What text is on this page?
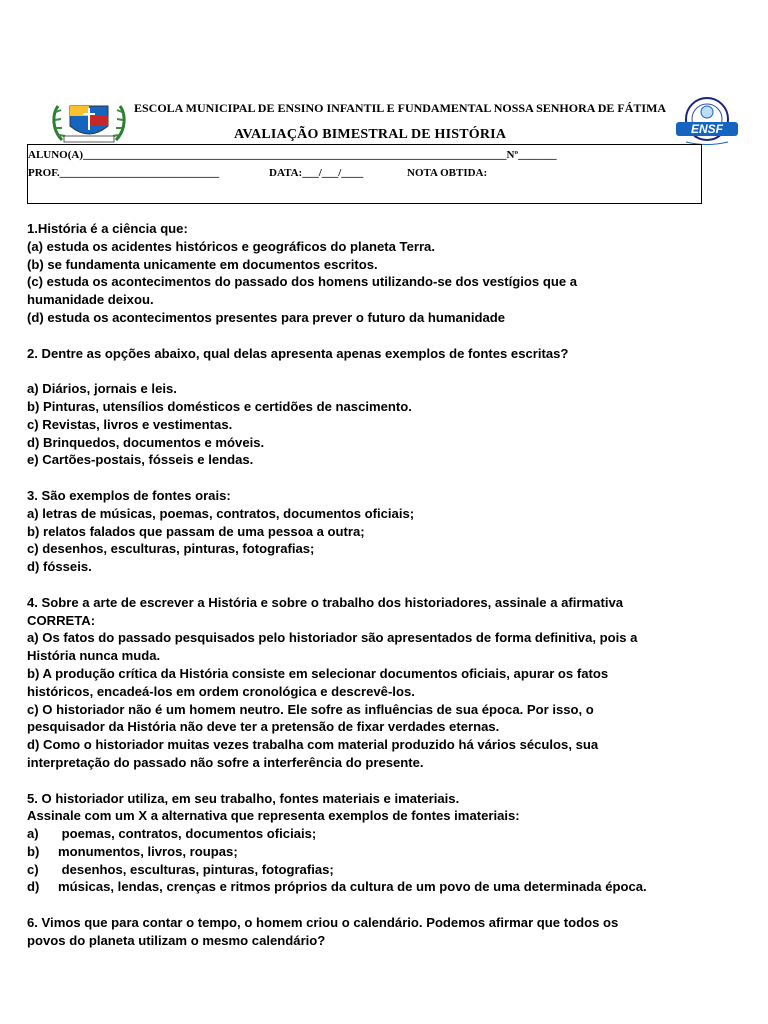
ENSF
ESCOLA MUNICIPAL DE ENSINO INFANTIL E FUNDAMENTAL NOSSA SENHORA DE FÁTIMA
AVALIAÇÃO BIMESTRAL DE HISTÓRIA
ALUNO(A)_____________________________________________________________________________Nº_______
PROF._____________________________	DATA:___/___/____	NOTA OBTIDA:

1.História é a ciência que:

(a) estuda os acidentes históricos e geográficos do planeta Terra.

(b) se fundamenta unicamente em documentos escritos.

(c) estuda os acontecimentos do passado dos homens utilizando-se dos vestígios que a

humanidade deixou.

(d) estuda os acontecimentos presentes para prever o futuro da humanidade

2. Dentre as opções abaixo, qual delas apresenta apenas exemplos de fontes escritas?

a) Diários, jornais e leis.

b) Pinturas, utensílios domésticos e certidões de nascimento.

c) Revistas, livros e vestimentas.

d) Brinquedos, documentos e móveis.

e) Cartões-postais, fósseis e lendas.

3. São exemplos de fontes orais:

a) letras de músicas, poemas, contratos, documentos oficiais;

b) relatos falados que passam de uma pessoa a outra;

c) desenhos, esculturas, pinturas, fotografias;

d) fósseis.

4. Sobre a arte de escrever a História e sobre o trabalho dos historiadores, assinale a afirmativa

CORRETA:

a) Os fatos do passado pesquisados pelo historiador são apresentados de forma definitiva, pois a

História nunca muda.

b) A produção crítica da História consiste em selecionar documentos oficiais, apurar os fatos

históricos, encadeá-los em ordem cronológica e descrevê-los.

c) O historiador não é um homem neutro. Ele sofre as influências de sua época. Por isso, o

pesquisador da História não deve ter a pretensão de fixar verdades eternas.

d) Como o historiador muitas vezes trabalha com material produzido há vários séculos, sua

interpretação do passado não sofre a interferência do presente.

5. O historiador utiliza, em seu trabalho, fontes materiais e imateriais.

Assinale com um X a alternativa que representa exemplos de fontes imateriais:

a) poemas, contratos, documentos oficiais;

b) monumentos, livros, roupas;

c) desenhos, esculturas, pinturas, fotografias;

d) músicas, lendas, crenças e ritmos próprios da cultura de um povo de uma determinada época.

6. Vimos que para contar o tempo, o homem criou o calendário. Podemos afirmar que todos os

povos do planeta utilizam o mesmo calendário?
